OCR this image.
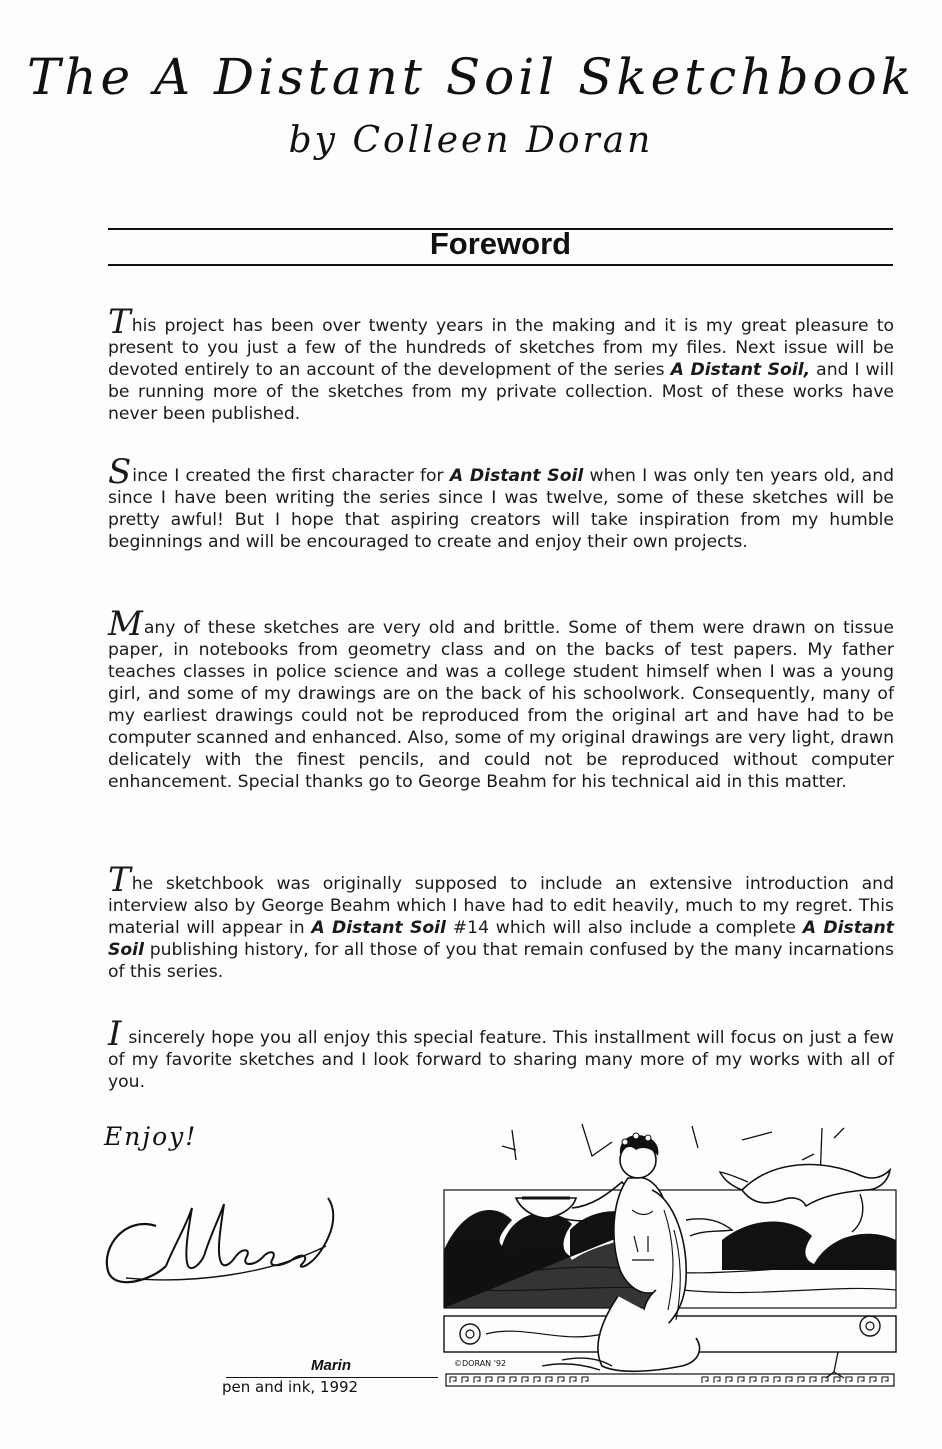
The A Distant Soil Sketchbook
by Colleen Doran
Foreword
This project has been over twenty years in the making and it is my great pleasure to present to you just a few of the hundreds of sketches from my files. Next issue will be devoted entirely to an account of the development of the series A Distant Soil, and I will be running more of the sketches from my private collection. Most of these works have never been published.
Since I created the first character for A Distant Soil when I was only ten years old, and since I have been writing the series since I was twelve, some of these sketches will be pretty awful! But I hope that aspiring creators will take inspiration from my humble beginnings and will be encouraged to create and enjoy their own projects.
Many of these sketches are very old and brittle. Some of them were drawn on tissue paper, in notebooks from geometry class and on the backs of test papers. My father teaches classes in police science and was a college student himself when I was a young girl, and some of my drawings are on the back of his schoolwork. Consequently, many of my earliest drawings could not be reproduced from the original art and have had to be computer scanned and enhanced. Also, some of my original drawings are very light, drawn delicately with the finest pencils, and could not be reproduced without computer enhancement. Special thanks go to George Beahm for his technical aid in this matter.
The sketchbook was originally supposed to include an extensive introduction and interview also by George Beahm which I have had to edit heavily, much to my regret. This material will appear in A Distant Soil #14 which will also include a complete A Distant Soil publishing history, for all those of you that remain confused by the many incarnations of this series.
I sincerely hope you all enjoy this special feature. This installment will focus on just a few of my favorite sketches and I look forward to sharing many more of my works with all of you.
Enjoy!
©DORAN '92
Marin
pen and ink, 1992
